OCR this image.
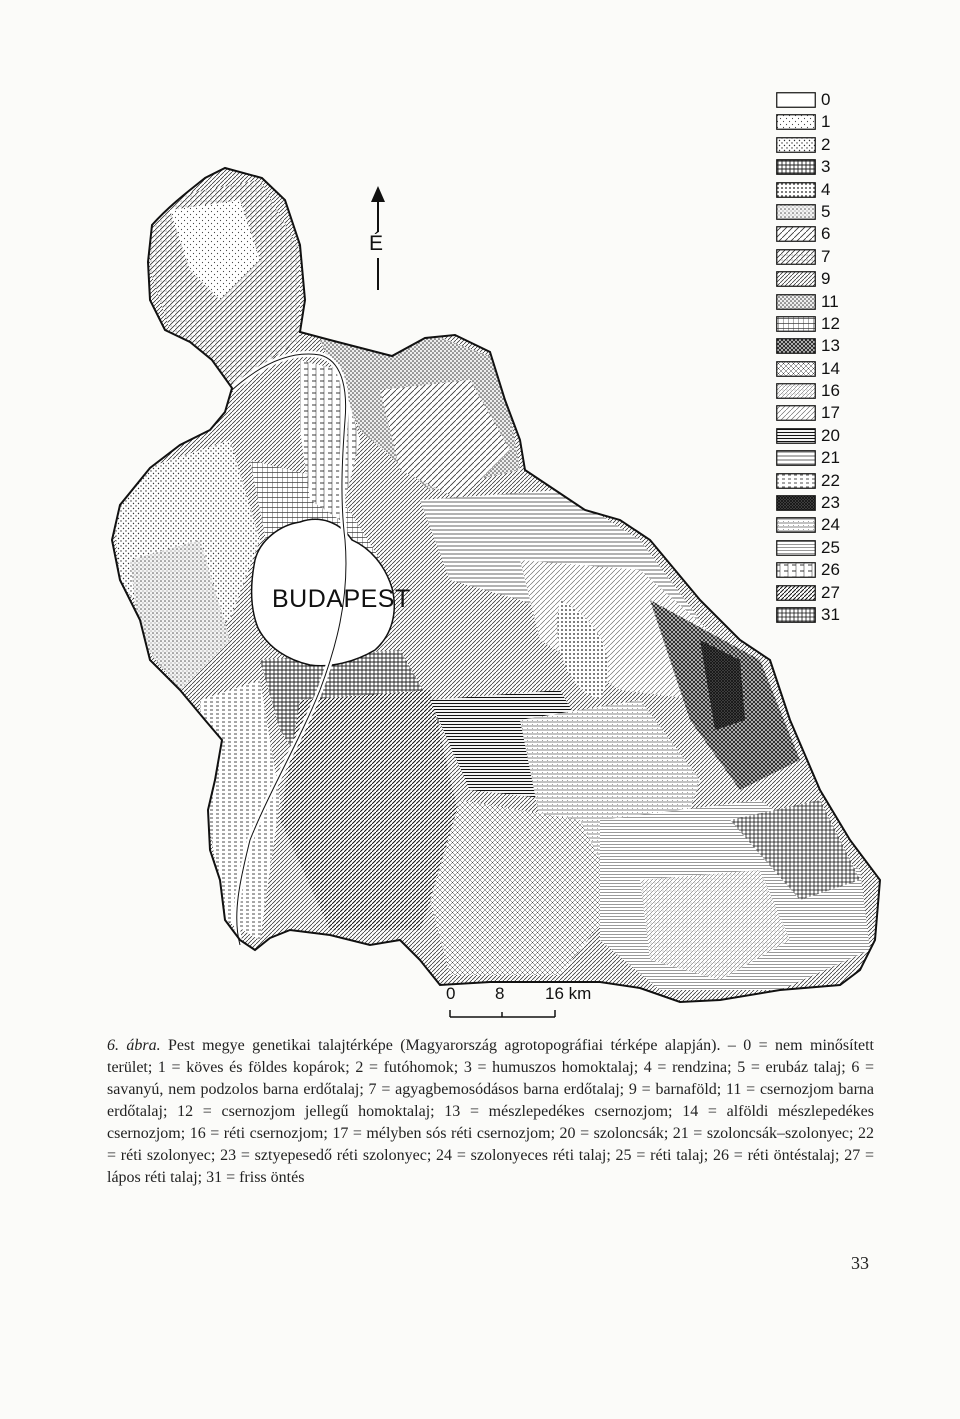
BUDAPEST
É
0 8 16 km
0
1
2
3
4
5
6
7
9
11
12
13
14
16
17
20
21
22
23
24
25
26
27
31
6. ábra. Pest megye genetikai talajtérképe (Magyarország agrotopográfiai térképe alapján). – 0 = nem minősített terület; 1 = köves és földes kopárok; 2 = futóhomok; 3 = humuszos homoktalaj; 4 = rendzina; 5 = erubáz talaj; 6 = savanyú, nem podzolos barna erdőtalaj; 7 = agyagbemosódásos barna erdőtalaj; 9 = barnaföld; 11 = csernozjom barna erdőtalaj; 12 = csernozjom jellegű homoktalaj; 13 = mészlepedékes csernozjom; 14 = alföldi mészlepedékes csernozjom; 16 = réti csernozjom; 17 = mélyben sós réti csernozjom; 20 = szoloncsák; 21 = szoloncsák–szolonyec; 22 = réti szolonyec; 23 = sztyepesedő réti szolonyec; 24 = szolonyeces réti talaj; 25 = réti talaj; 26 = réti öntéstalaj; 27 = lápos réti talaj; 31 = friss öntés
33
